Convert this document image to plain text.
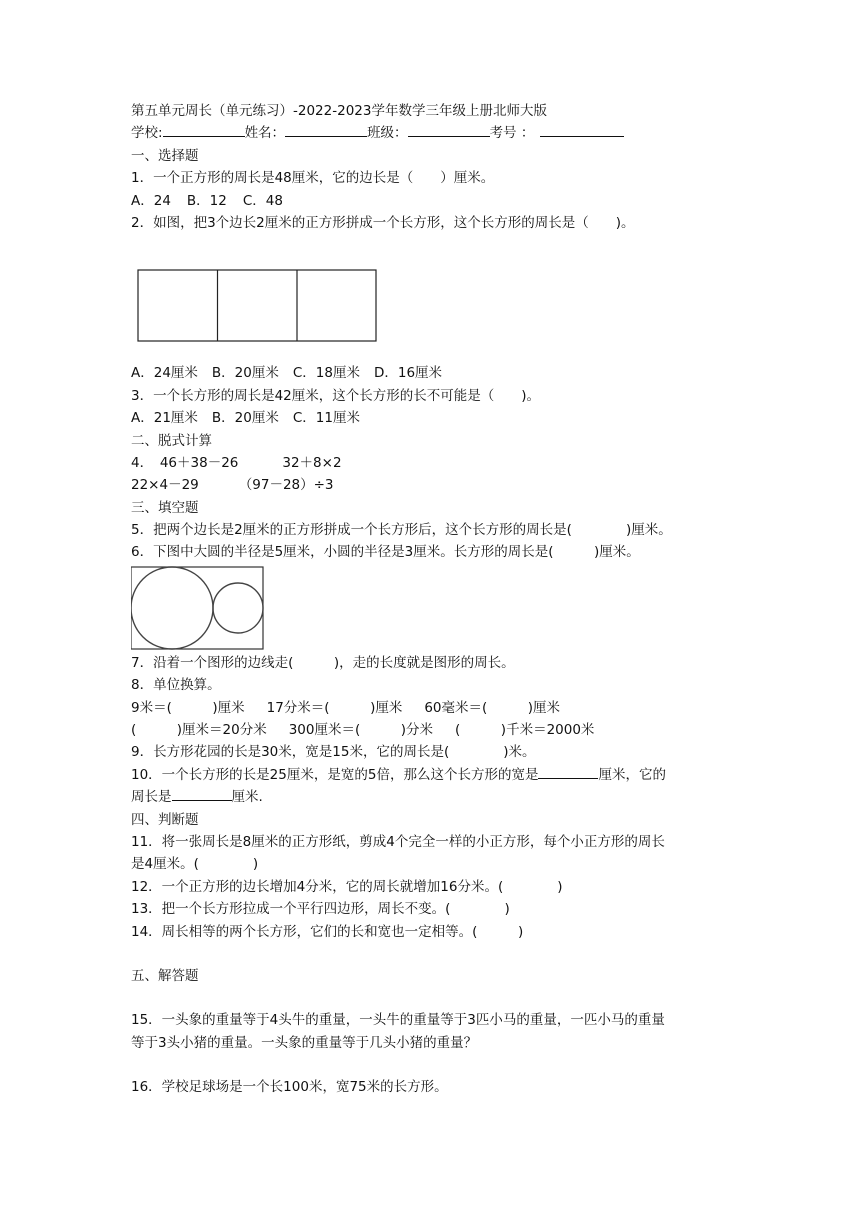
第五单元周长（单元练习）-2022-2023学年数学三年级上册北师大版
学校:	姓名：	班级：	考号 ：
一、选择题
1．一个正方形的周长是48厘米，它的边长是（　　）厘米。
A．24 B．12 C．48
2．如图，把3个边长2厘米的正方形拼成一个长方形，这个长方形的周长是（　　)。
A．24厘米 B．20厘米 C．18厘米 D．16厘米
3．一个长方形的周长是42厘米，这个长方形的长不可能是（　　)。
A．21厘米 B．20厘米 C．11厘米
二、脱式计算
4．　46＋38－26	32＋8×2
22×4－29	（97－28）÷3
三、填空题
5．把两个边长是2厘米的正方形拼成一个长方形后，这个长方形的周长是(　　　　)厘米。
6．下图中大圆的半径是5厘米，小圆的半径是3厘米。长方形的周长是(　　　)厘米。
7．沿着一个图形的边线走(　　　)，走的长度就是图形的周长。
8．单位换算。
9米＝(　　　)厘米 17分米＝(　　　)厘米 60毫米＝(　　　)厘米
(　　　)厘米＝20分米 300厘米＝(　　　)分米 (　　　)千米＝2000米
9．长方形花园的长是30米，宽是15米，它的周长是(　　　　)米。
10．一个长方形的长是25厘米，是宽的5倍，那么这个长方形的宽是	厘米，它的
周长是	厘米.
四、判断题
11．将一张周长是8厘米的正方形纸，剪成4个完全一样的小正方形，每个小正方形的周长
是4厘米。(　　　　)
12．一个正方形的边长增加4分米，它的周长就增加16分米。(　　　　)
13．把一个长方形拉成一个平行四边形，周长不变。(　　　　)
14．周长相等的两个长方形，它们的长和宽也一定相等。(　　　)
五、解答题
15．一头象的重量等于4头牛的重量，一头牛的重量等于3匹小马的重量，一匹小马的重量
等于3头小猪的重量。一头象的重量等于几头小猪的重量？
16．学校足球场是一个长100米，宽75米的长方形。
